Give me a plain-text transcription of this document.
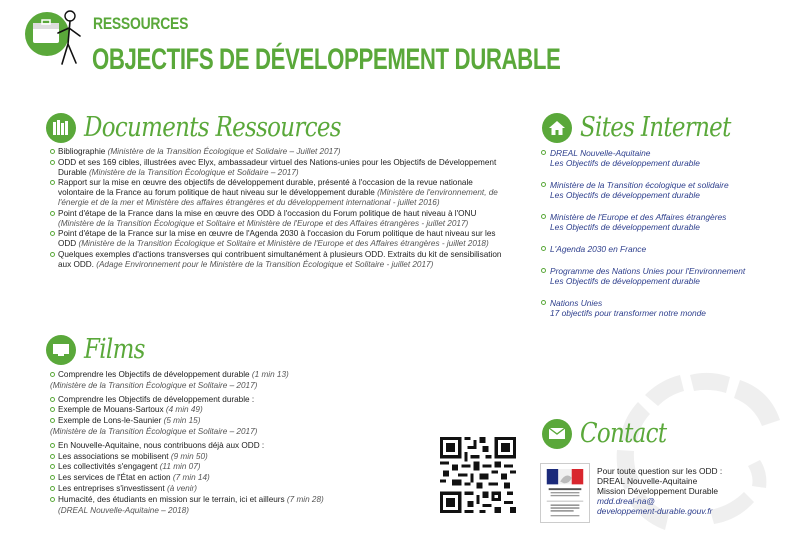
RESSOURCES
OBJECTIFS DE DÉVELOPPEMENT DURABLE
Documents Ressources
Bibliographie (Ministère de la Transition Écologique et Solidaire – Juillet 2017)
ODD et ses 169 cibles, illustrées avec Elyx, ambassadeur virtuel des Nations-unies pour les Objectifs de Développement Durable (Ministère de la Transition Écologique et Solidaire – 2017)
Rapport sur la mise en œuvre des objectifs de développement durable, présenté à l'occasion de la revue nationale volontaire de la France au forum politique de haut niveau sur le développement durable (Ministère de l'environnement, de l'énergie et de la mer et Ministère des affaires étrangères et du développement international - juillet 2016)
Point d'étape de la France dans la mise en œuvre des ODD à l'occasion du Forum politique de haut niveau à l'ONU (Ministère de la Transition Écologique et Solitaire et Ministère de l'Europe et des Affaires étrangères - juillet 2017)
Point d'étape de la France sur la mise en œuvre de l'Agenda 2030 à l'occasion du Forum politique de haut niveau sur les ODD (Ministère de la Transition Écologique et Solitaire et Ministère de l'Europe et des Affaires étrangères - juillet 2018)
Quelques exemples d'actions transverses qui contribuent simultanément à plusieurs ODD. Extraits du kit de sensibilisation aux ODD. (Adage Environnement pour le Ministère de la Transition Écologique et Solitaire - juillet 2017)
Films
Comprendre les Objectifs de développement durable (1 min 13)
(Ministère de la Transition Écologique et Solitaire – 2017)
Comprendre les Objectifs de développement durable :
Exemple de Mouans-Sartoux (4 min 49)
Exemple de Lons-le-Saunier (5 min 15)
(Ministère de la Transition Écologique et Solitaire – 2017)
En Nouvelle-Aquitaine, nous contribuons déjà aux ODD :
Les associations se mobilisent (9 min 50)
Les collectivités s'engagent (11 min 07)
Les services de l'État en action (7 min 14)
Les entreprises s'investissent (à venir)
Humacité, des étudiants en mission sur le terrain, ici et ailleurs (7 min 28)
(DREAL Nouvelle-Aquitaine – 2018)
Sites Internet
DREAL Nouvelle-Aquitaine
Les Objectifs de développement durable
Ministère de la Transition écologique et solidaire
Les Objectifs de développement durable
Ministère de l'Europe et des Affaires étrangères
Les Objectifs de développement durable
L'Agenda 2030 en France
Programme des Nations Unies pour l'Environnement
Les Objectifs de développement durable
Nations Unies
17 objectifs pour transformer notre monde
Contact
Pour toute question sur les ODD :
DREAL Nouvelle-Aquitaine
Mission Développement Durable
mdd.dreal-na@
developpement-durable.gouv.fr
